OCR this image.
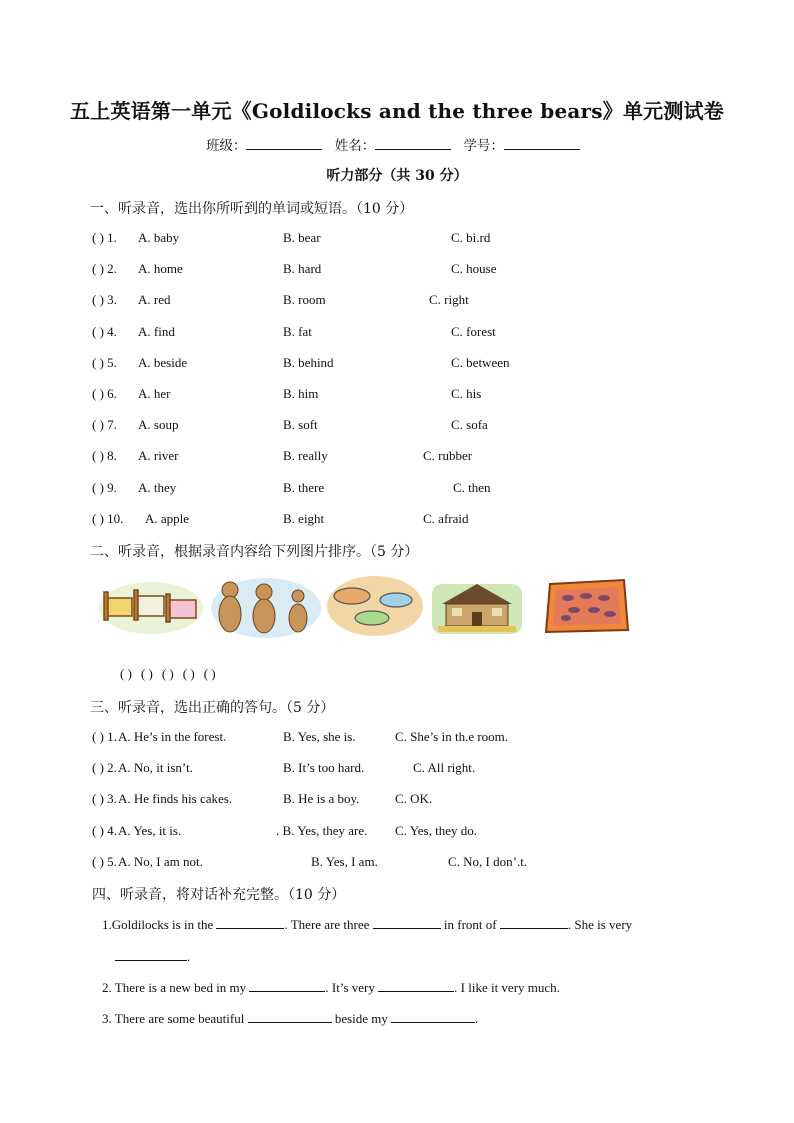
五上英语第一单元《Goldilocks and the three bears》单元测试卷
班级：	姓名：	学号：
听力部分（共 30 分）
一、听录音，选出你所听到的单词或短语。（10 分）
( ) 1. A. baby	B. bear	C. bi.rd
( ) 2. A. home	B. hard	C. house
( ) 3. A. red	B. room	C. right
( ) 4. A. find	B. fat	C. forest
( ) 5. A. beside	B. behind	C. between
( ) 6. A. her	B. him	C. his
( ) 7. A. soup	B. soft	C. sofa
( ) 8. A. river	B. really	C. rubber
( ) 9. A. they	B. there	C. then
( ) 10. A. apple	B. eight	C. afraid
二、听录音，根据录音内容给下列图片排序。（5 分）
( ) ( ) ( ) ( ) ( )
三、听录音，选出正确的答句。（5 分）
( ) 1. A. He’s in the forest.	B. Yes, she is.	C. She’s in th.e room.
( ) 2. A. No, it isn’t.	B. It’s too hard.	C. All right.
( ) 3. A. He finds his cakes.	B. He is a boy.	C. OK.
( ) 4. A. Yes, it is.	. B. Yes, they are. C. Yes, they do.
( ) 5. A. No, I am not.	B. Yes, I am.	C. No, I don’.t.
四、听录音，将对话补充完整。（10 分）
1.Goldilocks is in the	. There are three	in front of	. She is very
.
2. There is a new bed in my	. It’s very	. I like it very much.
3. There are some beautiful	beside my	.
